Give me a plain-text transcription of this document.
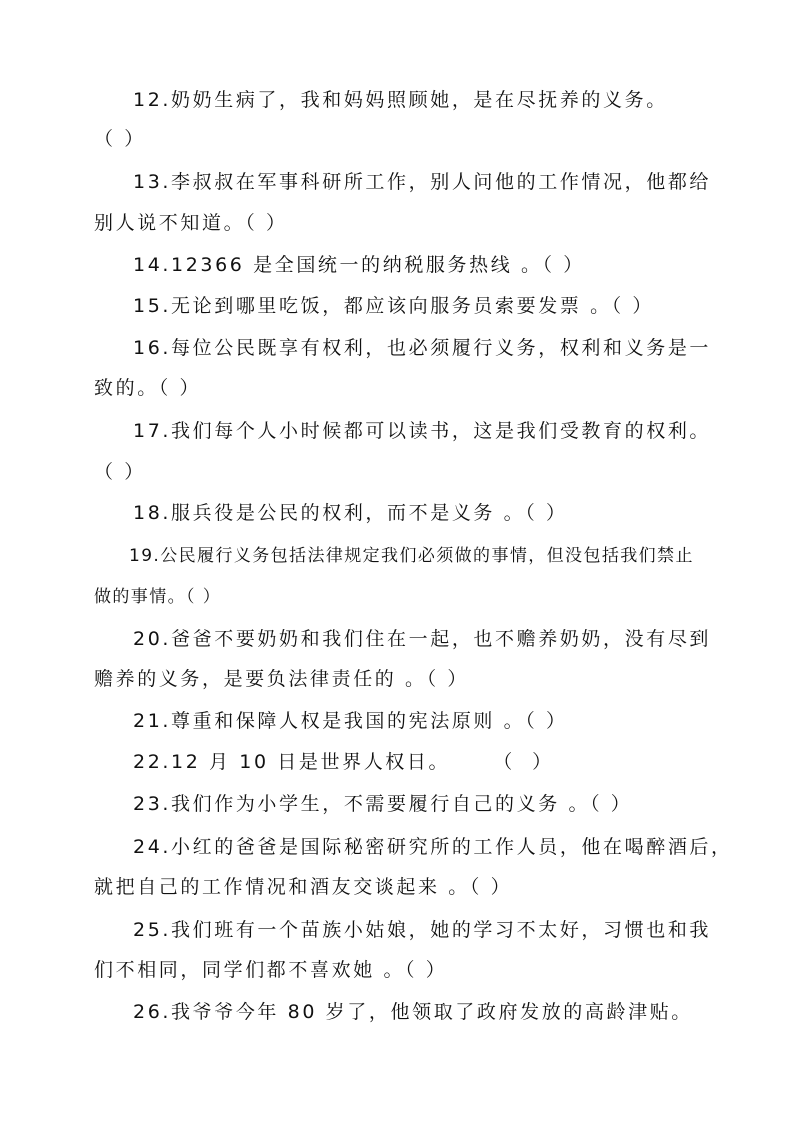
12.奶奶生病了，我和妈妈照顾她，是在尽抚养的义务。
（ ）
13.李叔叔在军事科研所工作，别人问他的工作情况，他都给
别人说不知道。（ ）
14.12366 是全国统一的纳税服务热线 。（ ）
15.无论到哪里吃饭，都应该向服务员索要发票 。（ ）
16.每位公民既享有权利，也必须履行义务，权利和义务是一
致的。（ ）
17.我们每个人小时候都可以读书，这是我们受教育的权利。
（ ）
18.服兵役是公民的权利，而不是义务 。（ ）
19.公民履行义务包括法律规定我们必须做的事情，但没包括我们禁止
做的事情。（ ）
20.爸爸不要奶奶和我们住在一起，也不赡养奶奶，没有尽到
赡养的义务，是要负法律责任的 。（ ）
21.尊重和保障人权是我国的宪法原则 。（ ）
22.12 月 10 日是世界人权日。     （  ）
23.我们作为小学生，不需要履行自己的义务 。（ ）
24.小红的爸爸是国际秘密研究所的工作人员，他在喝醉酒后，
就把自己的工作情况和酒友交谈起来 。（ ）
25.我们班有一个苗族小姑娘，她的学习不太好，习惯也和我
们不相同，同学们都不喜欢她 。（ ）
26.我爷爷今年 80 岁了，他领取了政府发放的高龄津贴。
